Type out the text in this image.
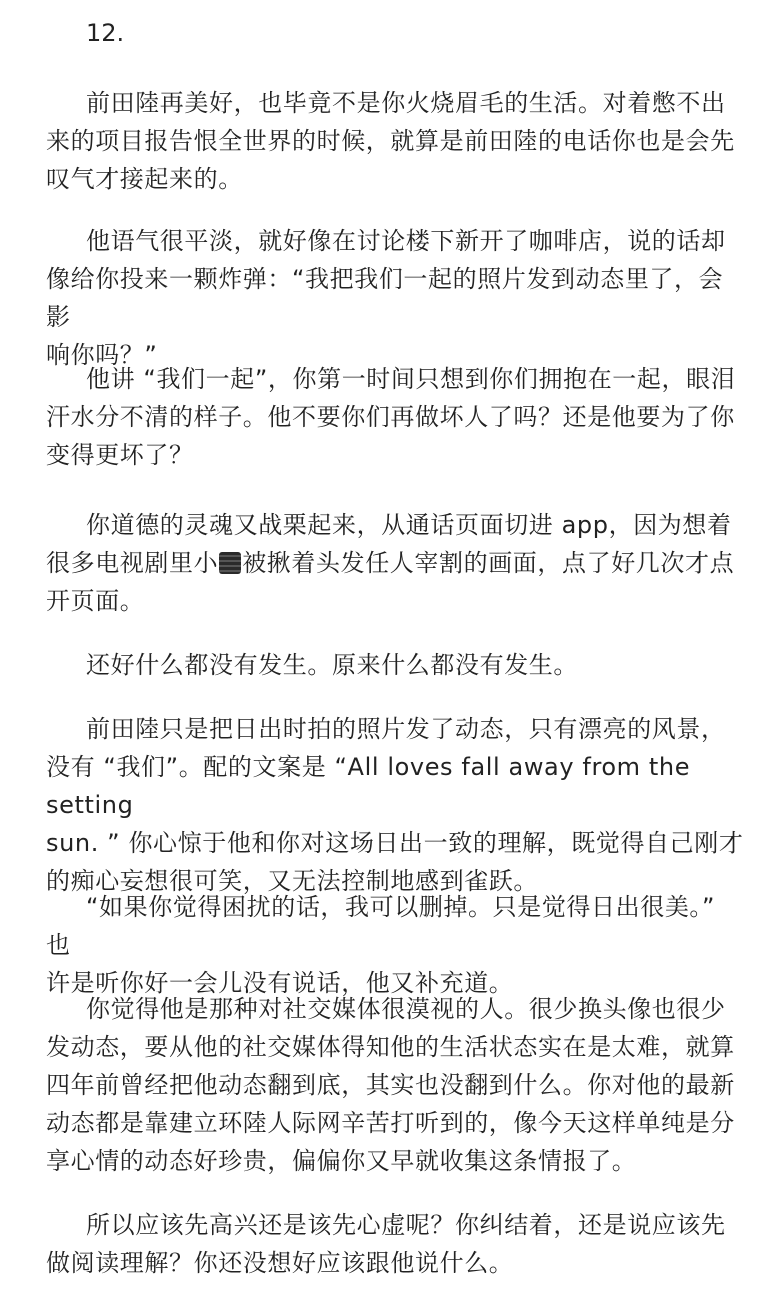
12.

前田陸再美好，也毕竟不是你火烧眉毛的生活。对着憋不出
来的项目报告恨全世界的时候，就算是前田陸的电话你也是会先
叹气才接起来的。

他语气很平淡，就好像在讨论楼下新开了咖啡店，说的话却
像给你投来一颗炸弹：“我把我们一起的照片发到动态里了，会影
响你吗？”

他讲 “我们一起”，你第一时间只想到你们拥抱在一起，眼泪
汗水分不清的样子。他不要你们再做坏人了吗？还是他要为了你
变得更坏了？

你道德的灵魂又战栗起来，从通话页面切进 app，因为想着
很多电视剧里小 被揪着头发任人宰割的画面，点了好几次才点
开页面。

还好什么都没有发生。原来什么都没有发生。

前田陸只是把日出时拍的照片发了动态，只有漂亮的风景，
没有 “我们”。配的文案是 “All loves fall away from the setting
sun. ” 你心惊于他和你对这场日出一致的理解，既觉得自己刚才
的痴心妄想很可笑，又无法控制地感到雀跃。

“如果你觉得困扰的话，我可以删掉。只是觉得日出很美。” 也
许是听你好一会儿没有说话，他又补充道。

你觉得他是那种对社交媒体很漠视的人。很少换头像也很少
发动态，要从他的社交媒体得知他的生活状态实在是太难，就算
四年前曾经把他动态翻到底，其实也没翻到什么。你对他的最新
动态都是靠建立环陸人际网辛苦打听到的，像今天这样单纯是分
享心情的动态好珍贵，偏偏你又早就收集这条情报了。

所以应该先高兴还是该先心虚呢？你纠结着，还是说应该先
做阅读理解？你还没想好应该跟他说什么。
